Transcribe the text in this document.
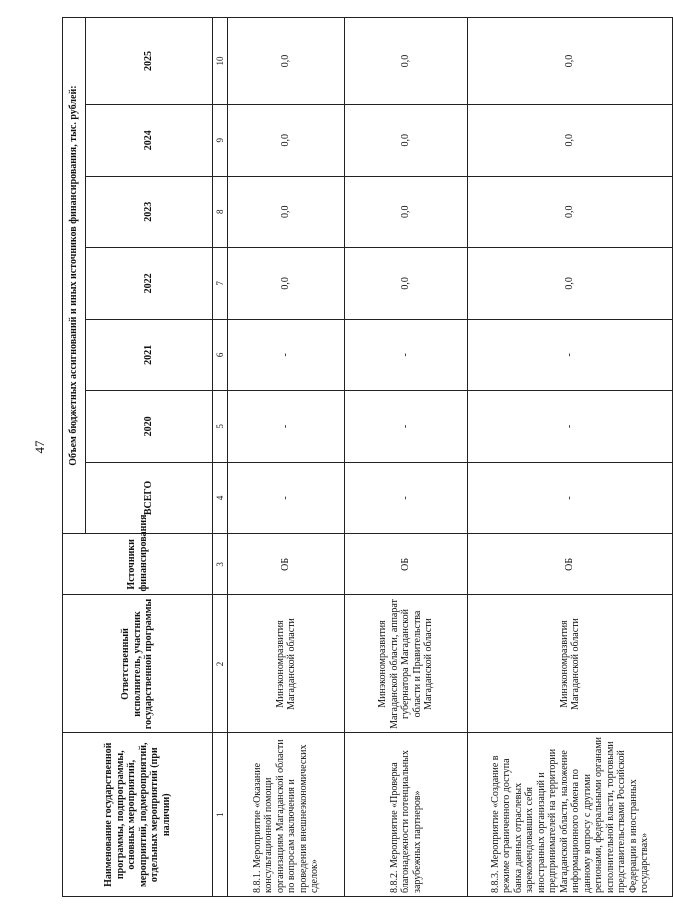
47
Наименование государственной программы, подпрограммы, основных мероприятий, мероприятий, подмероприятий, отдельных мероприятий (при наличии)	Ответственный исполнитель, участник государственной программы	Источники финансирования	Объем бюджетных ассигнований и иных источников финансирования, тыс. рублей:						
			ВСЕГО	2020	2021	2022	2023	2024	2025
1	2	3	4	5	6	7	8	9	10
8.8.1. Мероприятие «Оказание консультационной помощи организациям Магаданской области по вопросам заключения и проведения внешнеэкономических сделок»	Минэкономразвития Магаданской области	ОБ	-	-	-	0,0	0,0	0,0	0,0
8.8.2. Мероприятие «Проверка благонадежности потенциальных зарубежных партнеров»	Минэкономразвития Магаданской области, аппарат губернатора Магаданской области и Правительства Магаданской области	ОБ	-	-	-	0,0	0,0	0,0	0,0
8.8.3. Мероприятие «Создание в режиме ограниченного доступа банка данных отраслевых зарекомендовавших себя иностранных организаций и предпринимателей на территории Магаданской области, наложение информационного обмена по данному вопросу с другими регионами, федеральными органами исполнительной власти, торговыми представительствами Российской Федерации в иностранных государствах»	Минэкономразвития Магаданской области	ОБ	-	-	-	0,0	0,0	0,0	0,0
